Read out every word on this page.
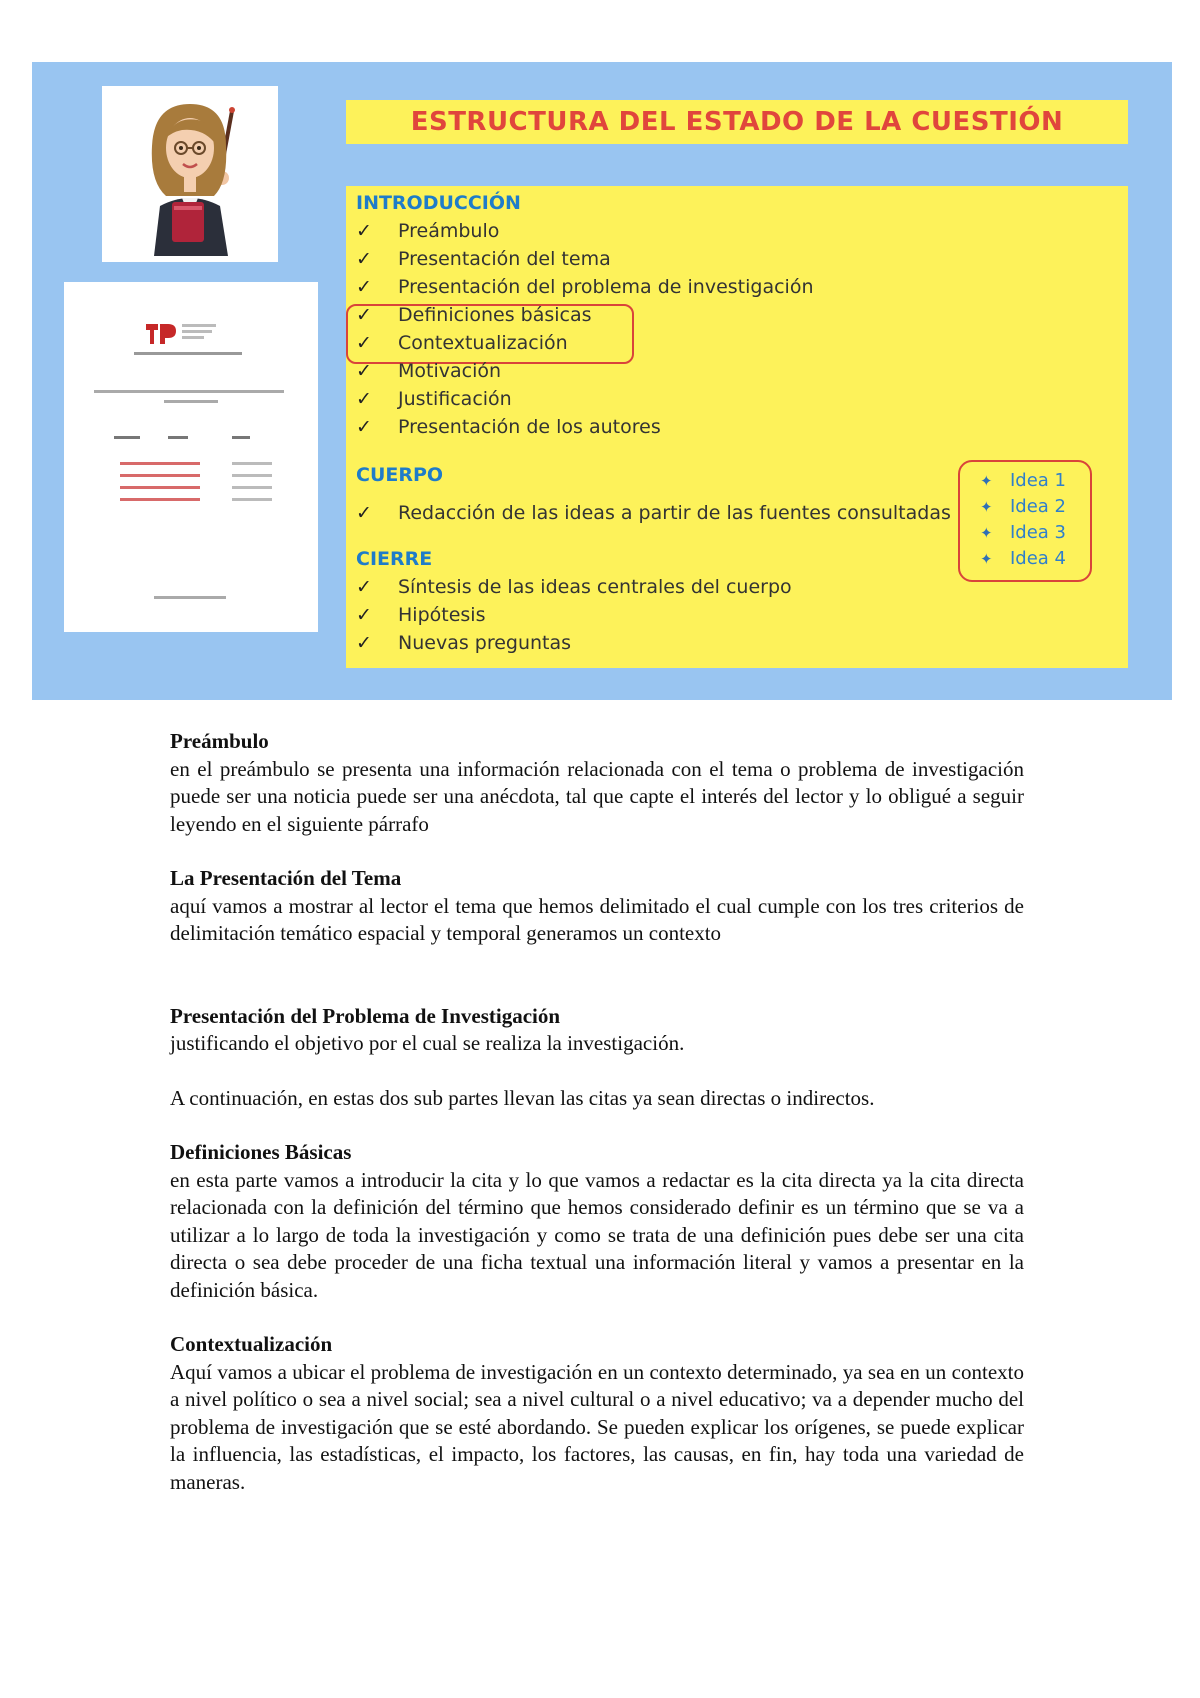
ESTRUCTURA DEL ESTADO DE LA CUESTIÓN
INTRODUCCIÓN
✓ Preámbulo
✓ Presentación del tema
✓ Presentación del problema de investigación
✓ Definiciones básicas
✓ Contextualización
✓ Motivación
✓ Justificación
✓ Presentación de los autores
CUERPO
✓ Redacción de las ideas a partir de las fuentes consultadas
✦ Idea 1
✦ Idea 2
✦ Idea 3
✦ Idea 4
CIERRE
✓ Síntesis de las ideas centrales del cuerpo
✓ Hipótesis
✓ Nuevas preguntas
Preámbulo

en el preámbulo se presenta una información relacionada con el tema o problema de investigación puede ser una noticia puede ser una anécdota, tal que capte el interés del lector y lo obligué a seguir leyendo en el siguiente párrafo

La Presentación del Tema

aquí vamos a mostrar al lector el tema que hemos delimitado el cual cumple con los tres criterios de delimitación temático espacial y temporal generamos un contexto

Presentación del Problema de Investigación

justificando el objetivo por el cual se realiza la investigación.

A continuación, en estas dos sub partes llevan las citas ya sean directas o indirectos.

Definiciones Básicas

en esta parte vamos a introducir la cita y lo que vamos a redactar es la cita directa ya la cita directa relacionada con la definición del término que hemos considerado definir es un término que se va a utilizar a lo largo de toda la investigación y como se trata de una definición pues debe ser una cita directa o sea debe proceder de una ficha textual una información literal y vamos a presentar en la definición básica.

Contextualización

Aquí vamos a ubicar el problema de investigación en un contexto determinado, ya sea en un contexto a nivel político o sea a nivel social; sea a nivel cultural o a nivel educativo; va a depender mucho del problema de investigación que se esté abordando. Se pueden explicar los orígenes, se puede explicar la influencia, las estadísticas, el impacto, los factores, las causas, en fin, hay toda una variedad de maneras.
